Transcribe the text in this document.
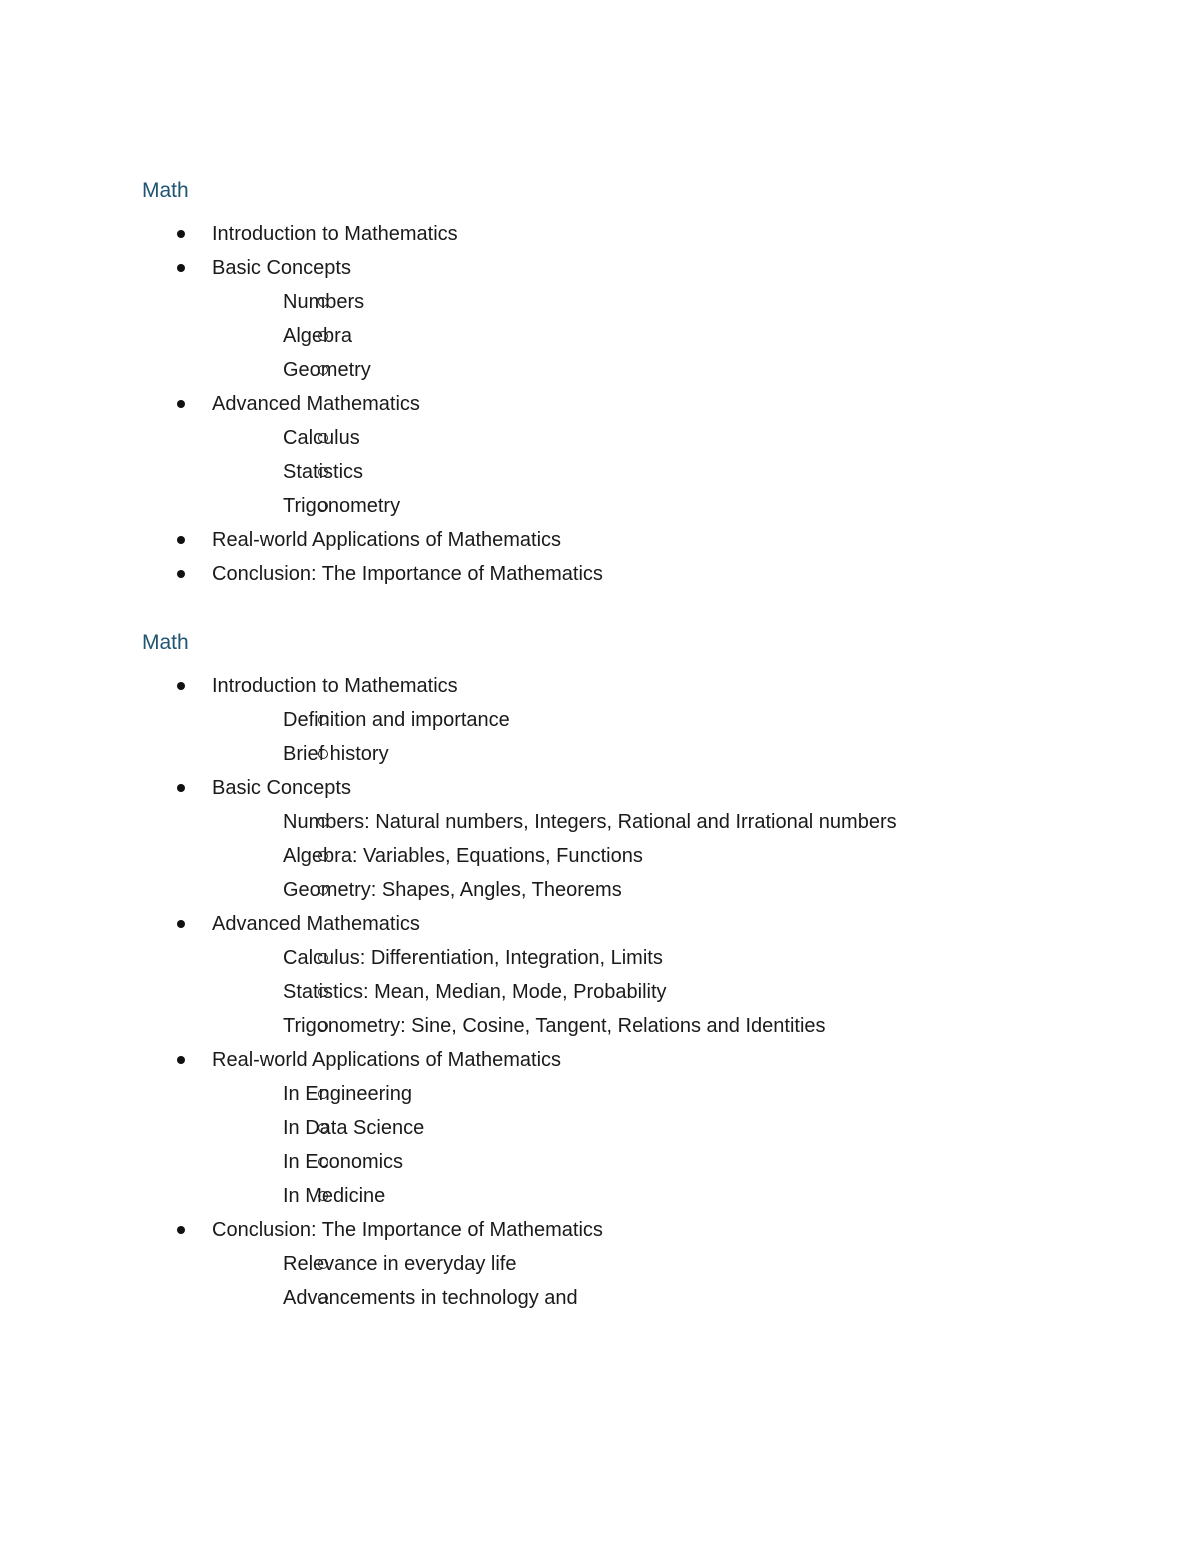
Math
Introduction to Mathematics
Basic Concepts
Numbers
Algebra
Geometry
Advanced Mathematics
Calculus
Statistics
Trigonometry
Real-world Applications of Mathematics
Conclusion: The Importance of Mathematics
Math
Introduction to Mathematics
Definition and importance
Brief history
Basic Concepts
Numbers: Natural numbers, Integers, Rational and Irrational numbers
Algebra: Variables, Equations, Functions
Geometry: Shapes, Angles, Theorems
Advanced Mathematics
Calculus: Differentiation, Integration, Limits
Statistics: Mean, Median, Mode, Probability
Trigonometry: Sine, Cosine, Tangent, Relations and Identities
Real-world Applications of Mathematics
In Engineering
In Data Science
In Economics
In Medicine
Conclusion: The Importance of Mathematics
Relevance in everyday life
Advancements in technology and
